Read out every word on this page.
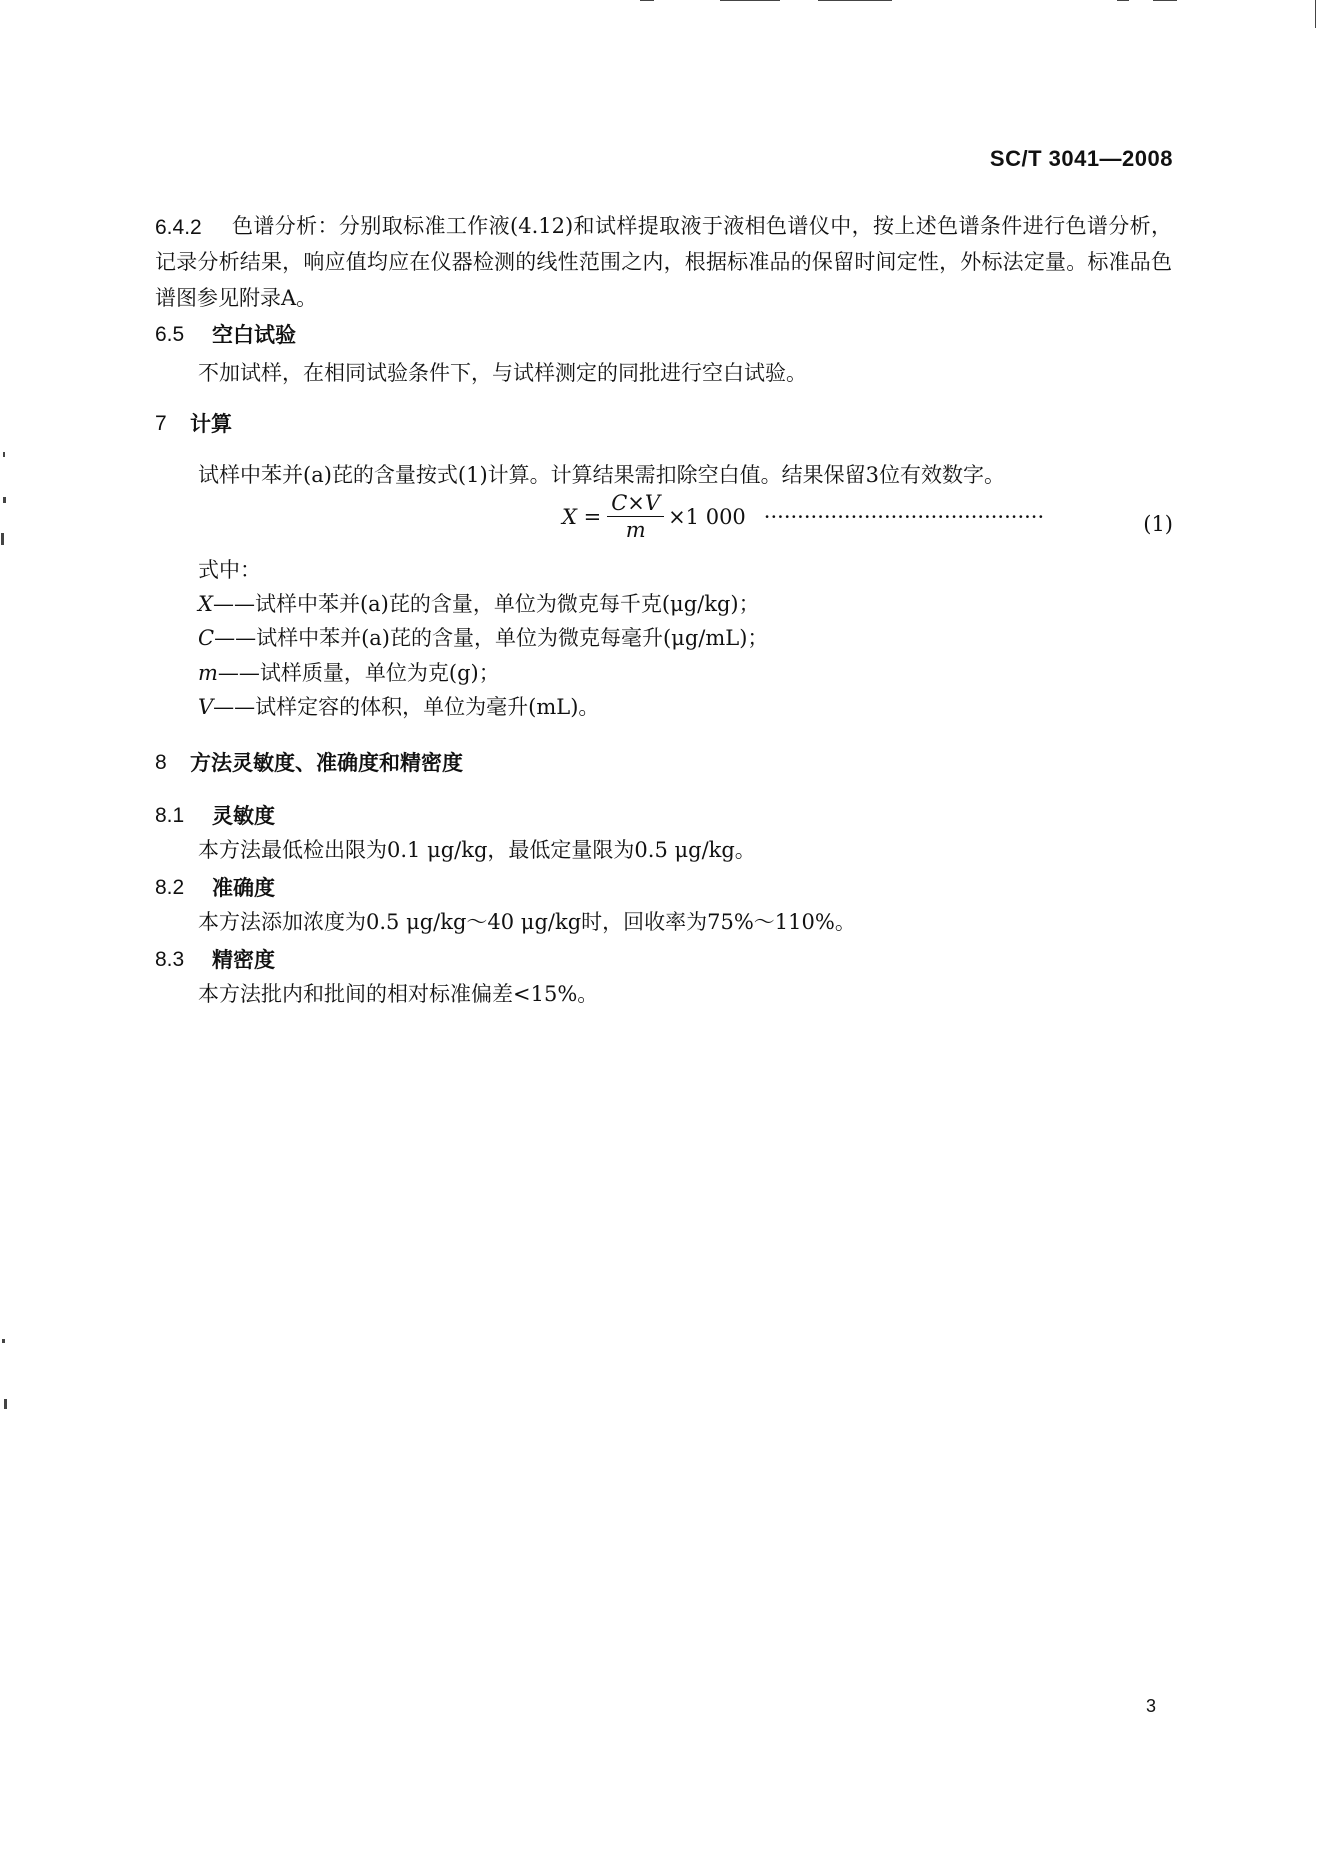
SC/T 3041—2008
6.4.2	色谱分析：分别取标准工作液(4.12)和试样提取液于液相色谱仪中，按上述色谱条件进行色谱分析，记录分析结果，响应值均应在仪器检测的线性范围之内，根据标准品的保留时间定性，外标法定量。标准品色谱图参见附录A。
6.5 空白试验
不加试样，在相同试验条件下，与试样测定的同批进行空白试验。
7 计算
试样中苯并(a)芘的含量按式(1)计算。计算结果需扣除空白值。结果保留3位有效数字。
$X = \frac{C\times V}{m} \times 1$ 000 ··········································	(1)
式中：
X——试样中苯并(a)芘的含量，单位为微克每千克(μg/kg)；
C——试样中苯并(a)芘的含量，单位为微克每毫升(μg/mL)；
m——试样质量，单位为克(g)；
V——试样定容的体积，单位为毫升(mL)。
8 方法灵敏度、准确度和精密度
8.1 灵敏度
本方法最低检出限为0.1 μg/kg，最低定量限为0.5 μg/kg。
8.2 准确度
本方法添加浓度为0.5 μg/kg～40 μg/kg时，回收率为75%～110%。
8.3 精密度
本方法批内和批间的相对标准偏差<15%。
3
